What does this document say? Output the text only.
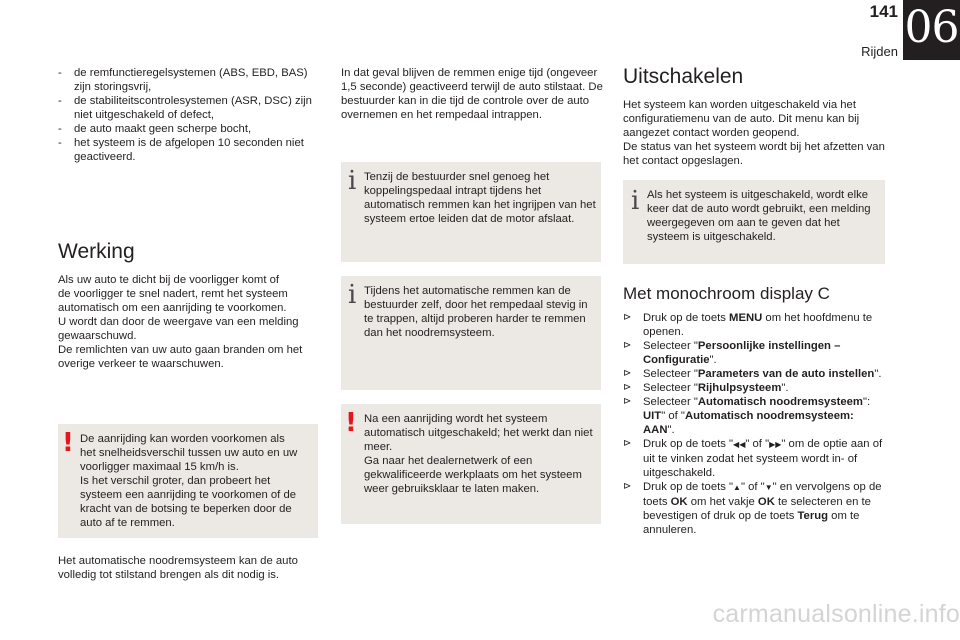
141
Rijden 06
- de remfunctieregelsystemen (ABS, EBD, BAS) zijn storingsvrij,
- de stabiliteitscontrolesystemen (ASR, DSC) zijn niet uitgeschakeld of defect,
- de auto maakt geen scherpe bocht,
- het systeem is de afgelopen 10 seconden niet geactiveerd.
Werking

Als uw auto te dicht bij de voorligger komt of

de voorligger te snel nadert, remt het systeem

automatisch om een aanrijding te voorkomen.

U wordt dan door de weergave van een melding

gewaarschuwd.

De remlichten van uw auto gaan branden om het

overige verkeer te waarschuwen.

! De aanrijding kan worden voorkomen als

het snelheidsverschil tussen uw auto en uw

voorligger maximaal 15 km/h is.

Is het verschil groter, dan probeert het

systeem een aanrijding te voorkomen of de

kracht van de botsing te beperken door de

auto af te remmen.

Het automatische noodremsysteem kan de auto

volledig tot stilstand brengen als dit nodig is.

In dat geval blijven de remmen enige tijd (ongeveer

1,5 seconde) geactiveerd terwijl de auto stilstaat. De

bestuurder kan in die tijd de controle over de auto

overnemen en het rempedaal intrappen.

i Tenzij de bestuurder snel genoeg het

koppelingspedaal intrapt tijdens het

automatisch remmen kan het ingrijpen van het

systeem ertoe leiden dat de motor afslaat.

i Tijdens het automatische remmen kan de

bestuurder zelf, door het rempedaal stevig in

te trappen, altijd proberen harder te remmen

dan het noodremsysteem.

! Na een aanrijding wordt het systeem

automatisch uitgeschakeld; het werkt dan niet

meer.

Ga naar het dealernetwerk of een

gekwalificeerde werkplaats om het systeem

weer gebruiksklaar te laten maken.

Uitschakelen

Het systeem kan worden uitgeschakeld via het

configuratiemenu van de auto. Dit menu kan bij

aangezet contact worden geopend.

De status van het systeem wordt bij het afzetten van

het contact opgeslagen.

i Als het systeem is uitgeschakeld, wordt elke

keer dat de auto wordt gebruikt, een melding

weergegeven om aan te geven dat het

systeem is uitgeschakeld.

Met monochroom display C
⊳ Druk op de toets MENU om het hoofdmenu te openen.
⊳ Selecteer "Persoonlijke instellingen – Configuratie".
⊳ Selecteer "Parameters van de auto instellen".
⊳ Selecteer "Rijhulpsysteem".
⊳ Selecteer "Automatisch noodremsysteem": UIT" of "Automatisch noodremsysteem: AAN".
⊳ Druk op de toets "◀◀" of "▶▶" om de optie aan of uit te vinken zodat het systeem wordt in- of uitgeschakeld.
⊳ Druk op de toets "▲" of "▼" en vervolgens op de toets OK om het vakje OK te selecteren en te bevestigen of druk op de toets Terug om te annuleren.
carmanualsonline.info
